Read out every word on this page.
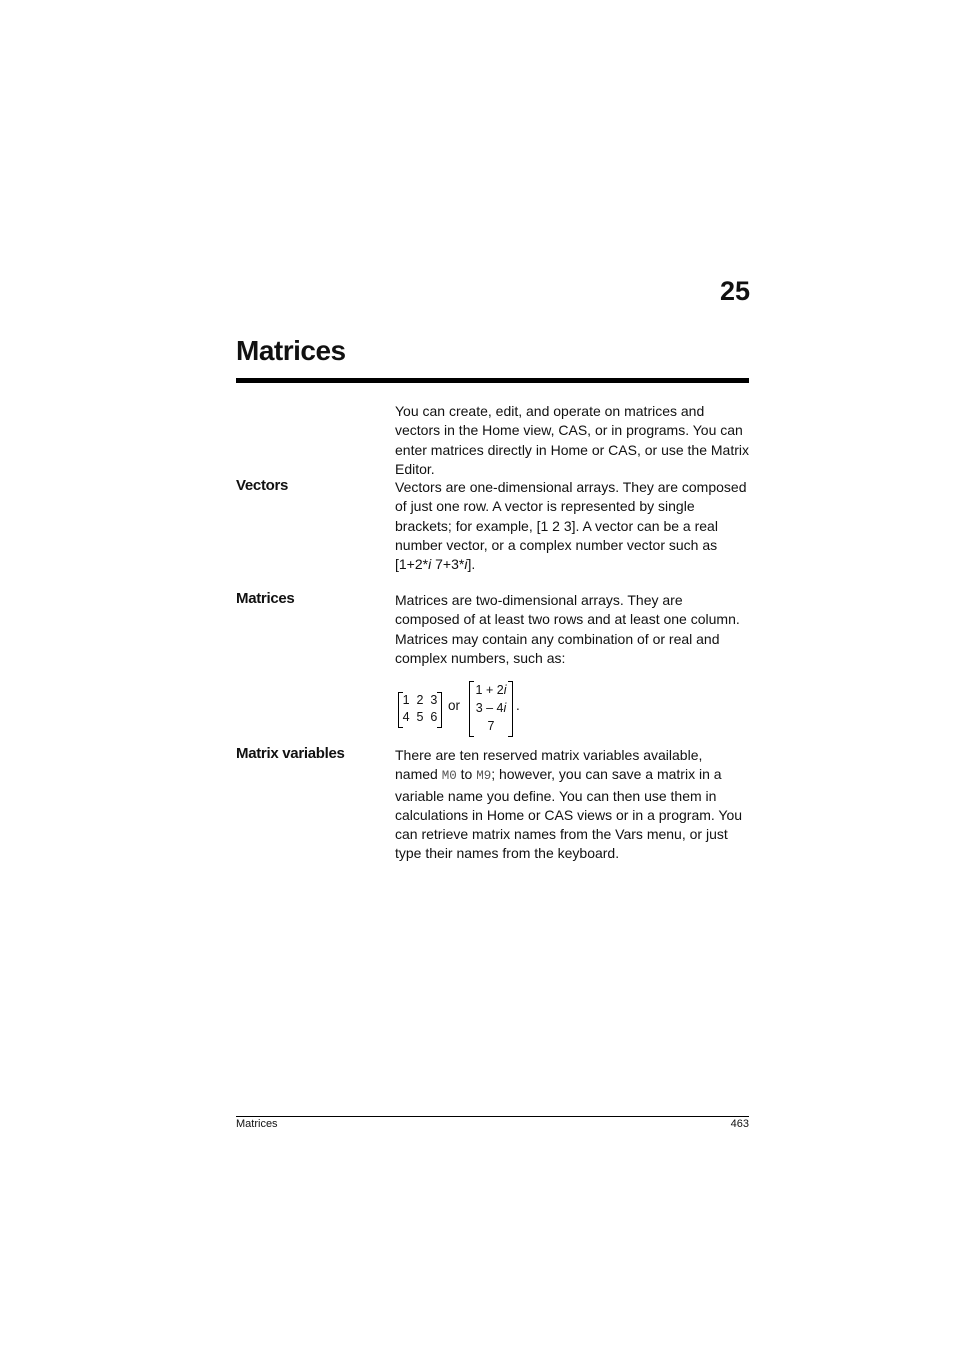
25
Matrices
You can create, edit, and operate on matrices and vectors in the Home view, CAS, or in programs. You can enter matrices directly in Home or CAS, or use the Matrix Editor.
Vectors	Vectors are one-dimensional arrays. They are composed of just one row. A vector is represented by single brackets; for example, [1 2 3]. A vector can be a real number vector, or a complex number vector such as [1+2*i 7+3*i].
Matrices	Matrices are two-dimensional arrays. They are composed of at least two rows and at least one column. Matrices may contain any combination of or real and complex numbers, such as:
1  2  3
4  5  6
or
1 + 2i
3 – 4i
7
.
Matrix variables	There are ten reserved matrix variables available, named M0 to M9; however, you can save a matrix in a variable name you define. You can then use them in calculations in Home or CAS views or in a program. You can retrieve matrix names from the Vars menu, or just type their names from the keyboard.
Matrices	463
